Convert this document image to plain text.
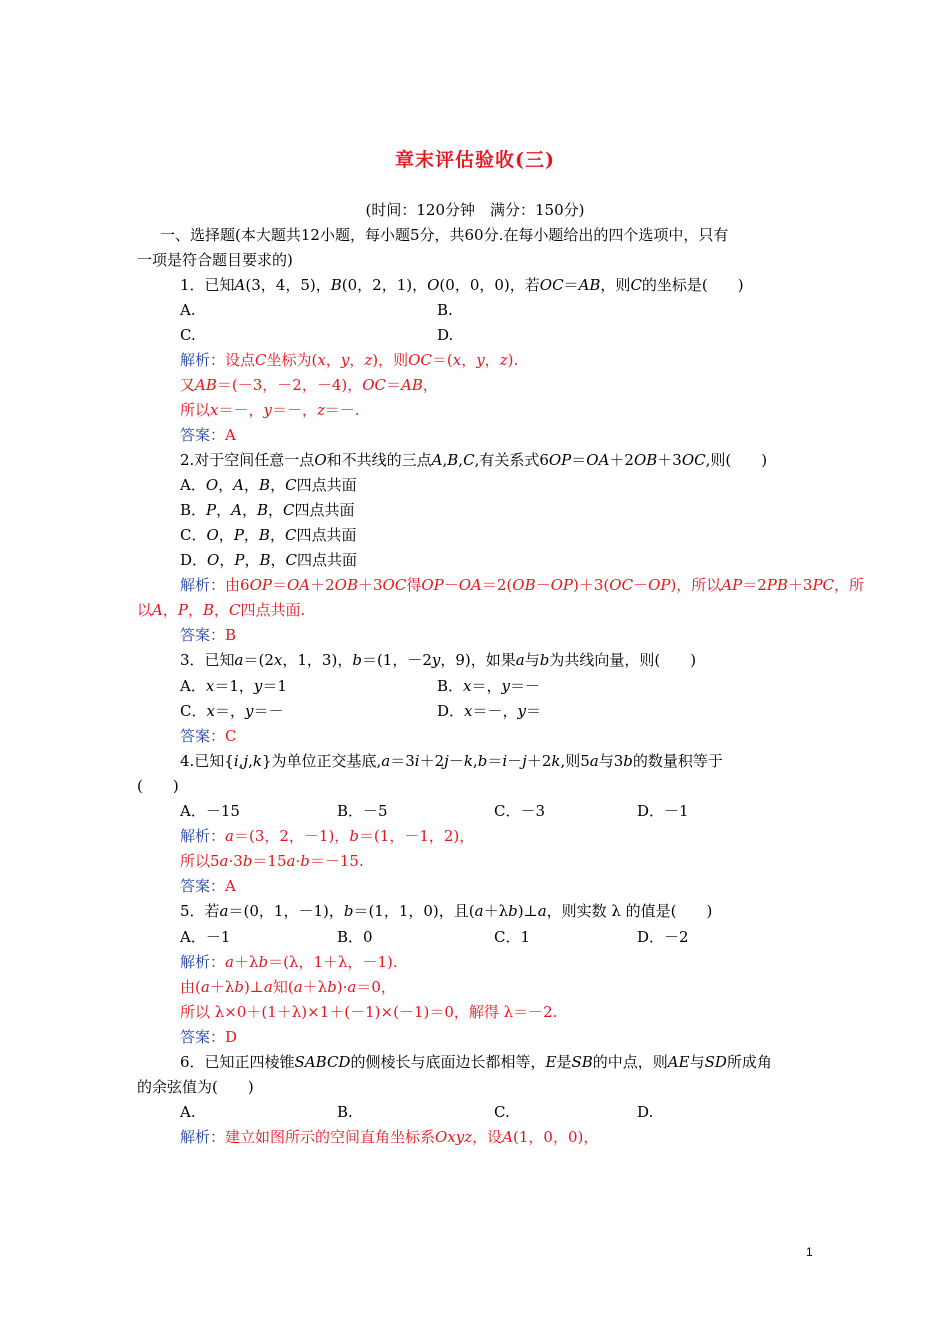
章末评估验收(三)
(时间：120分钟　满分：150分)
一、选择题(本大题共12小题，每小题5分，共60分.在每小题给出的四个选项中，只有
一项是符合题目要求的)
1．已知A(3，4，5)，B(0，2，1)，O(0，0，0)，若OC＝AB，则C的坐标是(　　)
A.	B.
C.	D.
解析：设点C坐标为(x，y，z)，则OC＝(x，y，z).
又AB＝(－3，－2，－4)，OC＝AB，
所以x＝－，y＝－，z＝－.
答案：A
2.对于空间任意一点O和不共线的三点A,B,C,有关系式6OP＝OA＋2OB＋3OC,则(　　)
A．O，A，B，C四点共面
B．P，A，B，C四点共面
C．O，P，B，C四点共面
D．O，P，B，C四点共面
解析：由6OP＝OA＋2OB＋3OC得OP－OA＝2(OB－OP)＋3(OC－OP)，所以AP＝2PB＋3PC，所
以A，P，B，C四点共面.
答案：B
3．已知a＝(2x，1，3)，b＝(1，－2y，9)，如果a与b为共线向量，则(　　)
A．x＝1，y＝1	B．x＝，y＝－
C．x＝，y＝－	D．x＝－，y＝
答案：C
4.已知{i,j,k}为单位正交基底,a＝3i＋2j－k,b＝i－j＋2k,则5a与3b的数量积等于
(　　)
A．－15	B．－5	C．－3	D．－1
解析：a＝(3，2，－1)，b＝(1，－1，2)，
所以5a·3b＝15a·b＝－15.
答案：A
5．若a＝(0，1，－1)，b＝(1，1，0)，且(a＋λb)⊥a，则实数 λ 的值是(　　)
A．－1	B．0	C．1	D．－2
解析：a＋λb＝(λ，1＋λ，－1).
由(a＋λb)⊥a知(a＋λb)·a＝0，
所以 λ×0＋(1＋λ)×1＋(－1)×(－1)＝0，解得 λ＝－2.
答案：D
6．已知正四棱锥SABCD的侧棱长与底面边长都相等，E是SB的中点，则AE与SD所成角
的余弦值为(　　)
A.	B.	C.	D.
解析：建立如图所示的空间直角坐标系Oxyz，设A(1，0，0)，
1
